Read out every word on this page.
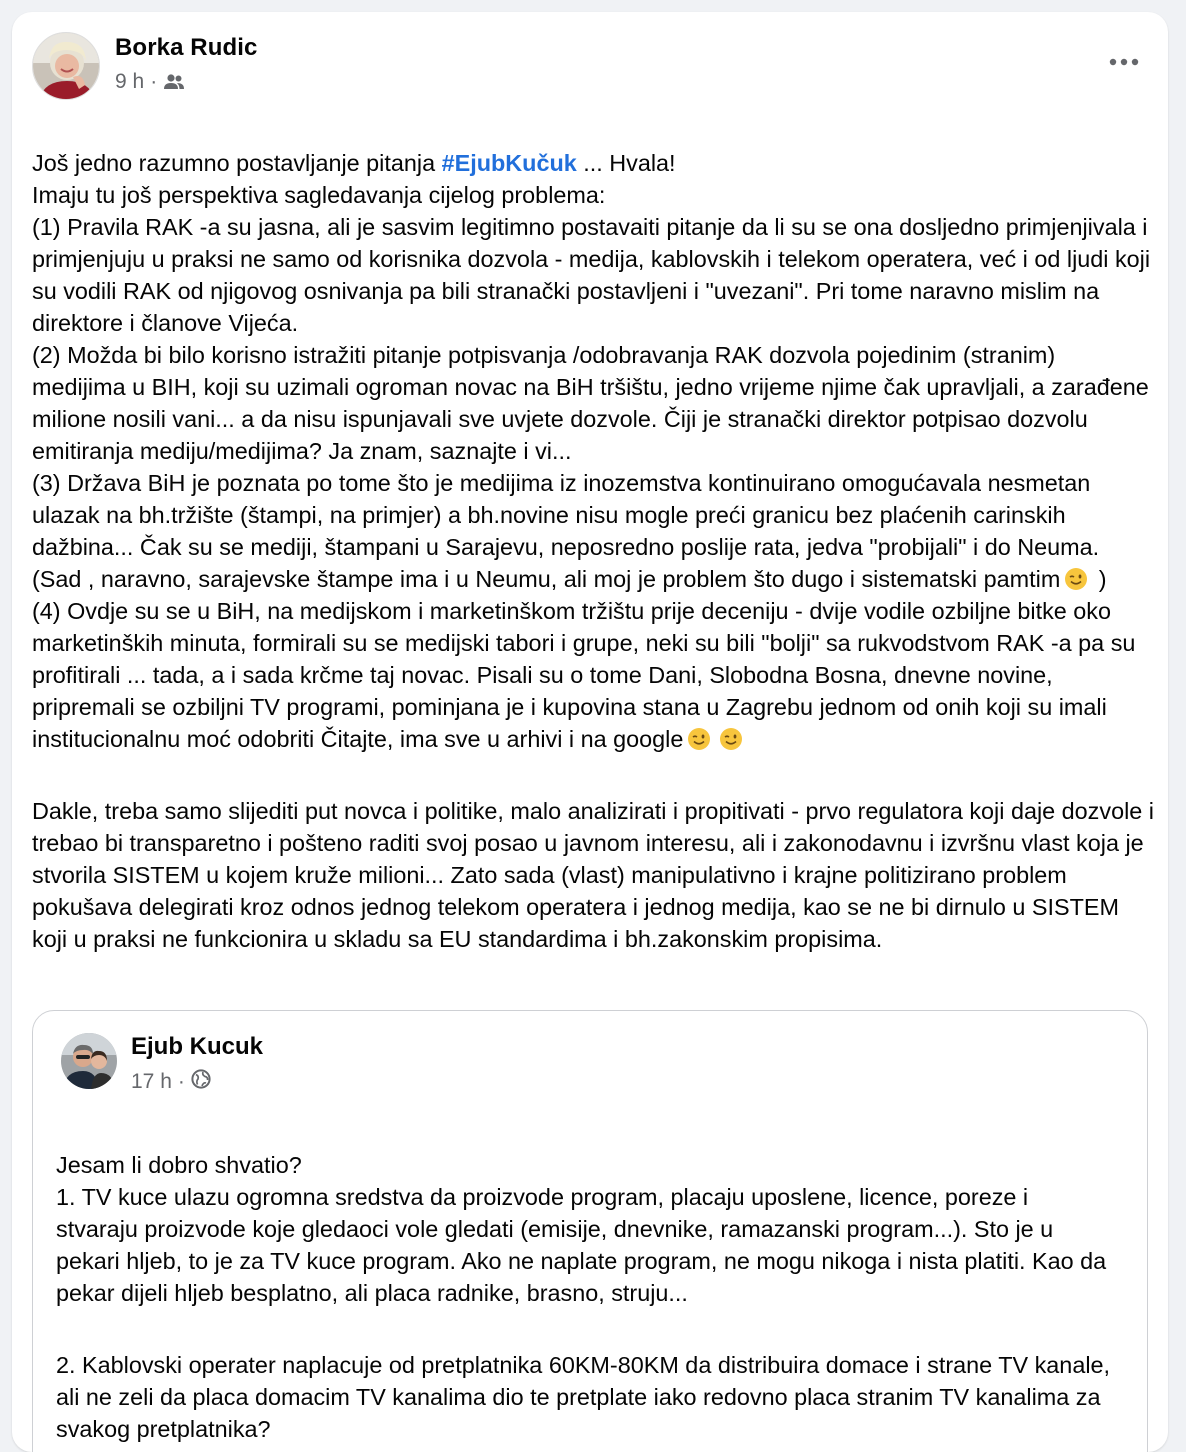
Borka Rudic
9 h ·

Još jedno razumno postavljanje pitanja #EjubKučuk ... Hvala!
Imaju tu još perspektiva sagledavanja cijelog problema:
(1) Pravila RAK -a su jasna, ali je sasvim legitimno postavaiti pitanje da li su se ona dosljedno primjenjivala i primjenjuju u praksi ne samo od korisnika dozvola - medija, kablovskih i telekom operatera, već i od ljudi koji su vodili RAK od njigovog osnivanja pa bili stranački postavljeni i "uvezani". Pri tome naravno mislim na direktore i članove Vijeća.
(2) Možda bi bilo korisno istražiti pitanje potpisvanja /odobravanja RAK dozvola pojedinim (stranim) medijima u BIH, koji su uzimali ogroman novac na BiH tršištu, jedno vrijeme njime čak upravljali, a zarađene milione nosili vani... a da nisu ispunjavali sve uvjete dozvole. Čiji je stranački direktor potpisao dozvolu emitiranja mediju/medijima? Ja znam, saznajte i vi...
(3) Država BiH je poznata po tome što je medijima iz inozemstva kontinuirano omogućavala nesmetan ulazak na bh.tržište (štampi, na primjer) a bh.novine nisu mogle preći granicu bez plaćenih carinskih dažbina... Čak su se mediji, štampani u Sarajevu, neposredno poslije rata, jedva "probijali" i do Neuma. (Sad , naravno, sarajevske štampe ima i u Neumu, ali moj je problem što dugo i sistematski pamtim )
(4) Ovdje su se u BiH, na medijskom i marketinškom tržištu prije deceniju - dvije vodile ozbiljne bitke oko marketinških minuta, formirali su se medijski tabori i grupe, neki su bili "bolji" sa rukvodstvom RAK -a pa su profitirali ... tada, a i sada krčme taj novac. Pisali su o tome Dani, Slobodna Bosna, dnevne novine, pripremali se ozbiljni TV programi, pominjana je i kupovina stana u Zagrebu jednom od onih koji su imali institucionalnu moć odobriti Čitajte, ima sve u arhivi i na google

Dakle, treba samo slijediti put novca i politike, malo analizirati i propitivati - prvo regulatora koji daje dozvole i trebao bi transparetno i pošteno raditi svoj posao u javnom interesu, ali i zakonodavnu i izvršnu vlast koja je stvorila SISTEM u kojem kruže milioni... Zato sada (vlast) manipulativno i krajne politizirano problem pokušava delegirati kroz odnos jednog telekom operatera i jednog medija, kao se ne bi dirnulo u SISTEM koji u praksi ne funkcionira u skladu sa EU standardima i bh.zakonskim propisima.

Ejub Kucuk
17 h ·

Jesam li dobro shvatio?
1. TV kuce ulazu ogromna sredstva da proizvode program, placaju uposlene, licence, poreze i stvaraju proizvode koje gledaoci vole gledati (emisije, dnevnike, ramazanski program...). Sto je u pekari hljeb, to je za TV kuce program. Ako ne naplate program, ne mogu nikoga i nista platiti. Kao da pekar dijeli hljeb besplatno, ali placa radnike, brasno, struju...

2. Kablovski operater naplacuje od pretplatnika 60KM-80KM da distribuira domace i strane TV kanale, ali ne zeli da placa domacim TV kanalima dio te pretplate iako redovno placa stranim TV kanalima za svakog pretplatnika?
